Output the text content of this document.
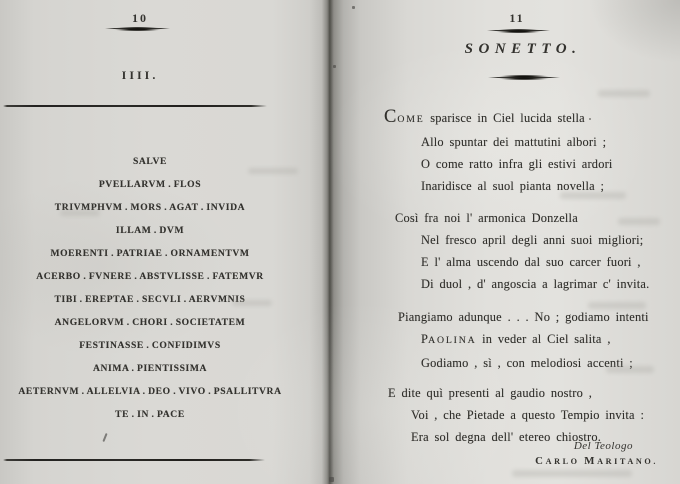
10
IIII.
SALVE
PVELLARVM . FLOS
TRIVMPHVM . MORS . AGAT . INVIDA
ILLAM . DVM
MOERENTI . PATRIAE . ORNAMENTVM
ACERBO . FVNERE . ABSTVLISSE . FATEMVR
TIBI . EREPTAE . SECVLI . AERVMNIS
ANGELORVM . CHORI . SOCIETATEM
FESTINASSE . CONFIDIMVS
ANIMA . PIENTISSIMA
AETERNVM . ALLELVIA . DEO . VIVO . PSALLITVRA
TE . IN . PACE
11
SONETTO.
COME sparisce in Ciel lucida stella
Allo spuntar dei mattutini albori ;
O come ratto infra gli estivi ardori
Inaridisce al suol pianta novella ;
Così fra noi l' armonica Donzella
Nel fresco april degli anni suoi migliori;
E l' alma uscendo dal suo carcer fuori ,
Di duol , d' angoscia a lagrimar c' invita.
Piangiamo adunque . . . No ; godiamo intenti
PAOLINA in veder al Ciel salita ,
Godiamo , sì , con melodiosi accenti ;
E dite quì presenti al gaudio nostro ,
Voi , che Pietade a questo Tempio invita :
Era sol degna dell' etereo chiostro.
Del Teologo
CARLO MARITANO.
